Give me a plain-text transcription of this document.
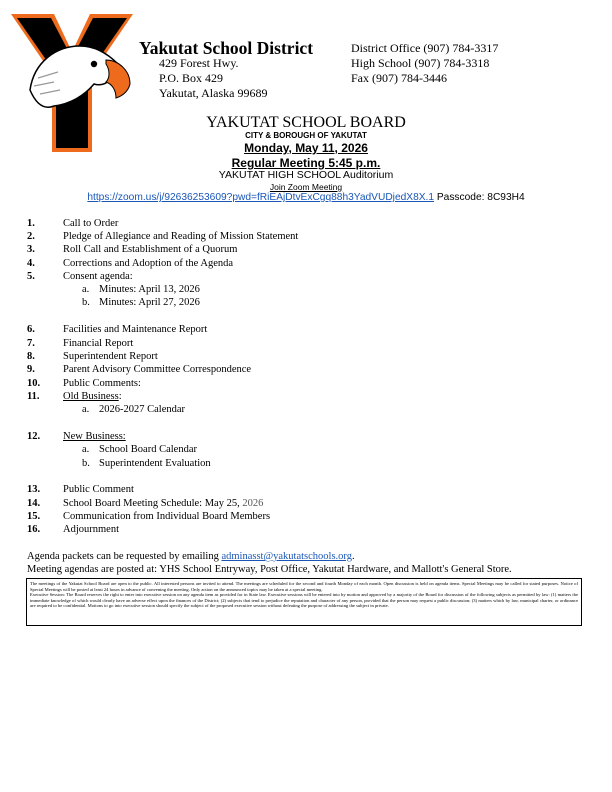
Yakutat School District
429 Forest Hwy.
P.O. Box 429
Yakutat, Alaska 99689
District Office (907) 784-3317
High School (907) 784-3318
Fax (907) 784-3446
YAKUTAT SCHOOL BOARD
CITY & BOROUGH OF YAKUTAT
Monday, May 11, 2026
Regular Meeting 5:45 p.m.
YAKUTAT HIGH SCHOOL Auditorium
Join Zoom Meeting
https://zoom.us/j/92636253609?pwd=fRiEAjDtvExCgq88h3YadVUDjedX8X.1 Passcode: 8C93H4
1.	Call to Order
2.	Pledge of Allegiance and Reading of Mission Statement
3.	Roll Call and Establishment of a Quorum
4.	Corrections and Adoption of the Agenda
5.	Consent agenda:
a. Minutes: April 13, 2026
b. Minutes: April 27, 2026
6.	Facilities and Maintenance Report
7.	Financial Report
8.	Superintendent Report
9.	Parent Advisory Committee Correspondence
10. Public Comments:
11. Old Business:
a. 2026-2027 Calendar
12. New Business:
a. School Board Calendar
b. Superintendent Evaluation
13. Public Comment
14. School Board Meeting Schedule: May 25, 2026
15. Communication from Individual Board Members
16. Adjournment
Agenda packets can be requested by emailing adminasst@yakutatschools.org.
Meeting agendas are posted at: YHS School Entryway, Post Office, Yakutat Hardware, and Mallott's General Store.

The meetings of the Yakutat School Board are open to the public. All interested persons are invited to attend. The meetings are scheduled for the second and fourth Monday of each month. Open discussion is held on agenda items. Special Meetings may be called for stated purposes. Notice of Special Meetings will be posted at least 24 hours in advance of convening the meeting. Only action on the announced topics may be taken at a special meeting.

Executive Session: The Board reserves the right to enter into executive session on any agenda item as provided for in State law. Executive sessions will be entered into by motion and approved by a majority of the Board for discussion of the following subjects as permitted by law: (1) matters the immediate knowledge of which would clearly have an adverse effect upon the finances of the District; (2) subjects that tend to prejudice the reputation and character of any person, provided that the person may request a public discussion; (3) matters which by law, municipal charter, or ordinance are required to be confidential. Motions to go into executive session should specify the subject of the proposed executive session without defeating the purpose of addressing the subject in private.
